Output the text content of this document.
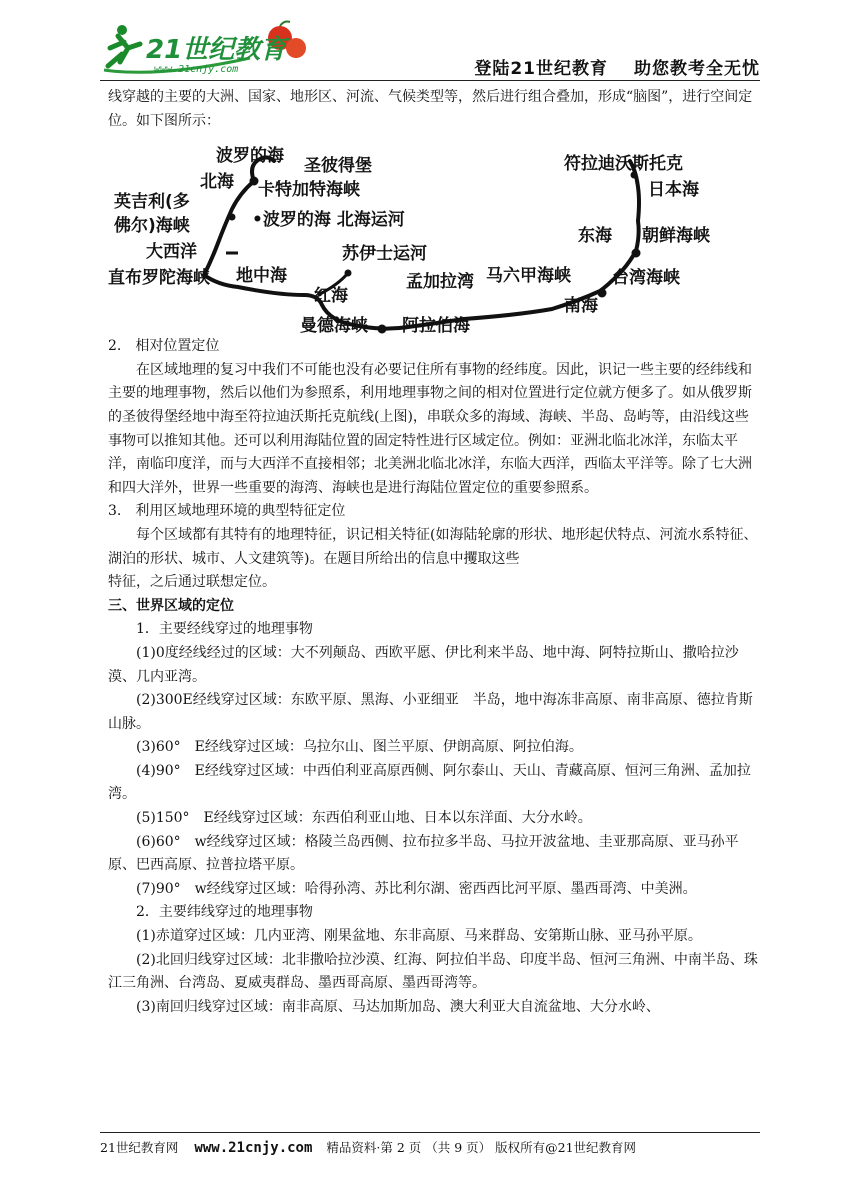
21世纪教育
www.21cnjy.com	登陆21世纪教育 助您教考全无忧

线穿越的主要的大洲、国家、地形区、河流、气候类型等，然后进行组合叠加，形成“脑图”，进行空间定位。如下图所示：

波罗的海 圣彼得堡
北海 卡特加特海峡
英吉利(多
佛尔)海峡	•波罗的海 北海运河
大西洋
直布罗陀海峡 地中海
苏伊士运河
红海
曼德海峡 阿拉伯海
孟加拉湾 马六甲海峡
南海
台湾海峡
朝鲜海峡
东海
日本海
符拉迪沃斯托克

2.　相对位置定位

在区域地理的复习中我们不可能也没有必要记住所有事物的经纬度。因此，识记一些主要的经纬线和主要的地理事物，然后以他们为参照系，利用地理事物之间的相对位置进行定位就方便多了。如从俄罗斯的圣彼得堡经地中海至符拉迪沃斯托克航线(上图)，串联众多的海域、海峡、半岛、岛屿等，由沿线这些事物可以推知其他。还可以利用海陆位置的固定特性进行区域定位。例如：亚洲北临北冰洋，东临太平洋，南临印度洋，而与大西洋不直接相邻；北美洲北临北冰洋，东临大西洋，西临太平洋等。除了七大洲和四大洋外，世界一些重要的海湾、海峡也是进行海陆位置定位的重要参照系。

3.　利用区域地理环境的典型特征定位

每个区域都有其特有的地理特征，识记相关特征(如海陆轮廓的形状、地形起伏特点、河流水系特征、湖泊的形状、城市、人文建筑等)。在题目所给出的信息中攫取这些

特征，之后通过联想定位。

三、世界区域的定位

1．主要经线穿过的地理事物

(1)0度经线经过的区域：大不列颠岛、西欧平愿、伊比利来半岛、地中海、阿特拉斯山、撒哈拉沙漠、几内亚湾。

(2)300E经线穿过区域：东欧平原、黑海、小亚细亚　半岛，地中海冻非高原、南非高原、德拉肯斯山脉。

(3)60°　E经线穿过区域：乌拉尔山、图兰平原、伊朗高原、阿拉伯海。

(4)90°　E经线穿过区域：中西伯利亚高原西侧、阿尔泰山、天山、青藏高原、恒河三角洲、孟加拉湾。

(5)150°　E经线穿过区域：东西伯利亚山地、日本以东洋面、大分水岭。

(6)60°　w经线穿过区域：格陵兰岛西侧、拉布拉多半岛、马拉开波盆地、圭亚那高原、亚马孙平原、巴西高原、拉普拉塔平原。

(7)90°　w经线穿过区域：哈得孙湾、苏比利尔湖、密西西比河平原、墨西哥湾、中美洲。

2．主要纬线穿过的地理事物

(1)赤道穿过区域：几内亚湾、刚果盆地、东非高原、马来群岛、安第斯山脉、亚马孙平原。

(2)北回归线穿过区域：北非撒哈拉沙漠、红海、阿拉伯半岛、印度半岛、恒河三角洲、中南半岛、珠江三角洲、台湾岛、夏威夷群岛、墨西哥高原、墨西哥湾等。

(3)南回归线穿过区域：南非高原、马达加斯加岛、澳大利亚大自流盆地、大分水岭、

21世纪教育网 www.21cnjy.com 精品资料·第 2 页 （共 9 页） 版权所有@21世纪教育网
